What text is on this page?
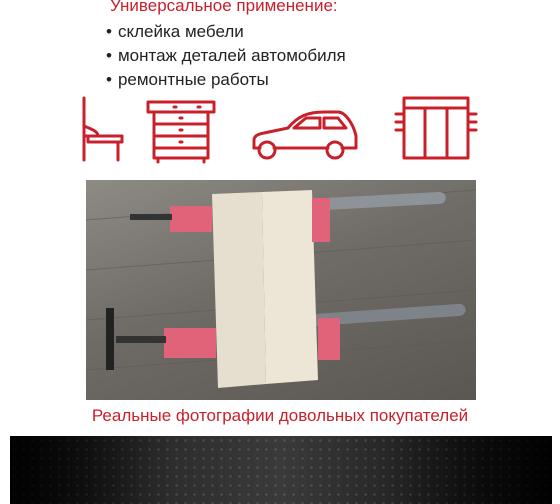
Универсальное применение:
• склейка мебели
• монтаж деталей автомобиля
• ремонтные работы
Реальные фотографии довольных покупателей
